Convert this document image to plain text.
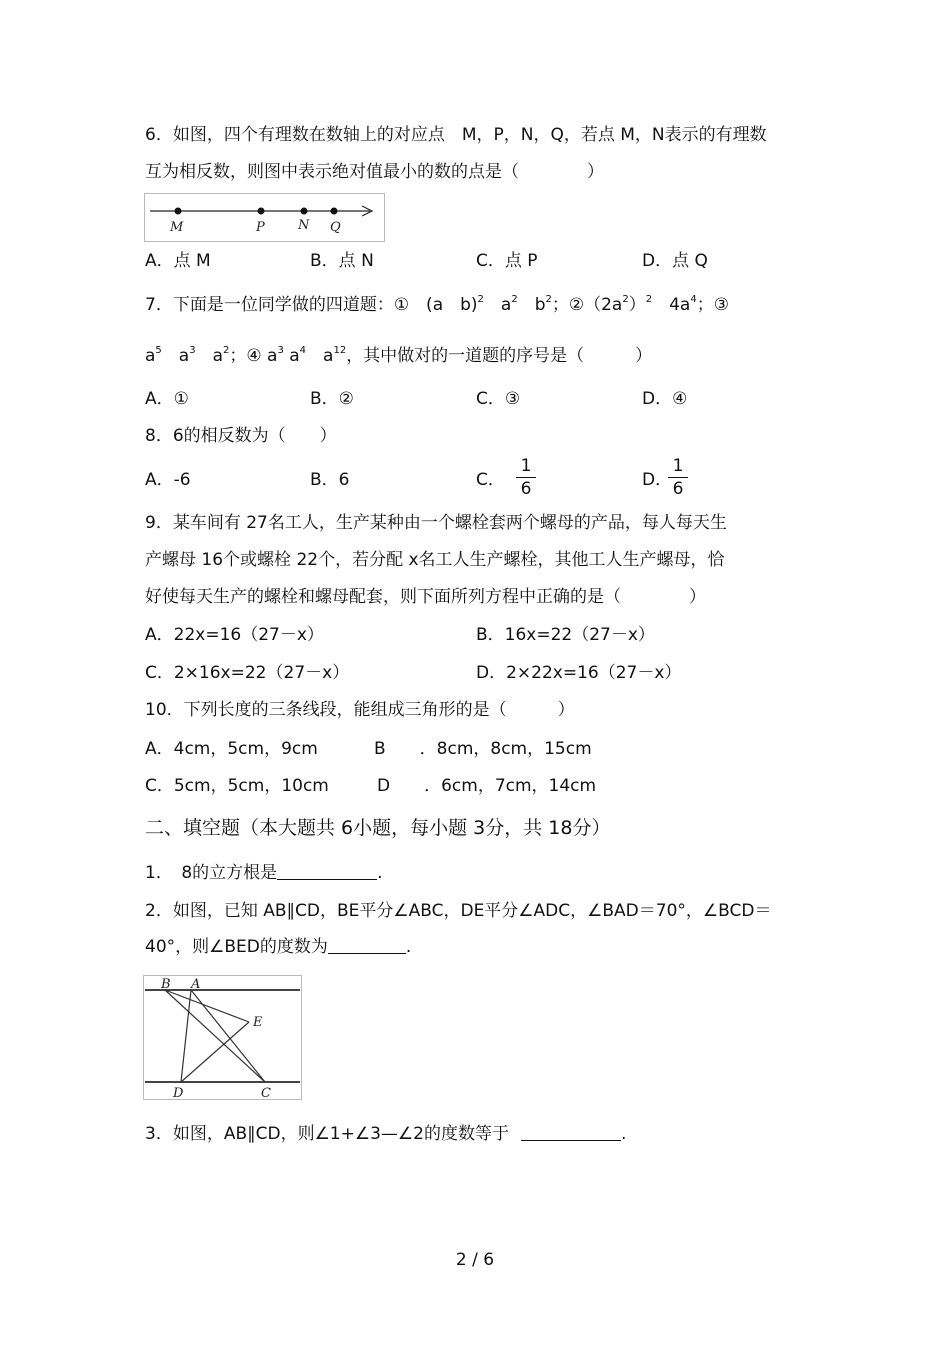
6．如图，四个有理数在数轴上的对应点　M，P，N，Q，若点 M，N表示的有理数
互为相反数，则图中表示绝对值最小的数的点是（　　　　）
M	P	N Q
A．点 M	B．点 N	C．点 P	D．点 Q
7．下面是一位同学做的四道题：①　(a　b)$^2$　$a^2$　$b^2$；$②(2a^2)^2$　$4a^4$；③
$a^5$　$a^3$　$a^2$；④ $a^3$ $a^4$　$a^{12}$，其中做对的一道题的序号是（　　　）
A．①	B．②	C．③	D．④
8．6的相反数为（　　）
A．-6	B．6	C．
1
6	D．
1
6
9．某车间有 27名工人，生产某种由一个螺栓套两个螺母的产品，每人每天生
产螺母 16个或螺栓 22个，若分配 x名工人生产螺栓，其他工人生产螺母，恰
好使每天生产的螺栓和螺母配套，则下面所列方程中正确的是（　　　　）
A．22x=16（27－x）	B．16x=22（27－x）
C．2×16x=22（27－x）	D．2×22x=16（27－x）
10．下列长度的三条线段，能组成三角形的是（　　　）
A．4cm，5cm，9cm	B　　．8cm，8cm，15cm
C．5cm，5cm，10cm	D　　．6cm，7cm，14cm
二、填空题（本大题共 6小题，每小题 3分，共 18分）
1．　8的立方根是	.
2．如图，已知 AB∥CD，BE平分∠ABC，DE平分∠ADC，∠BAD＝70°，∠BCD＝
40°，则∠BED的度数为	.
B A
E
D	C
3．如图，AB∥CD，则∠1+∠3—∠2的度数等于	.
2 / 6
